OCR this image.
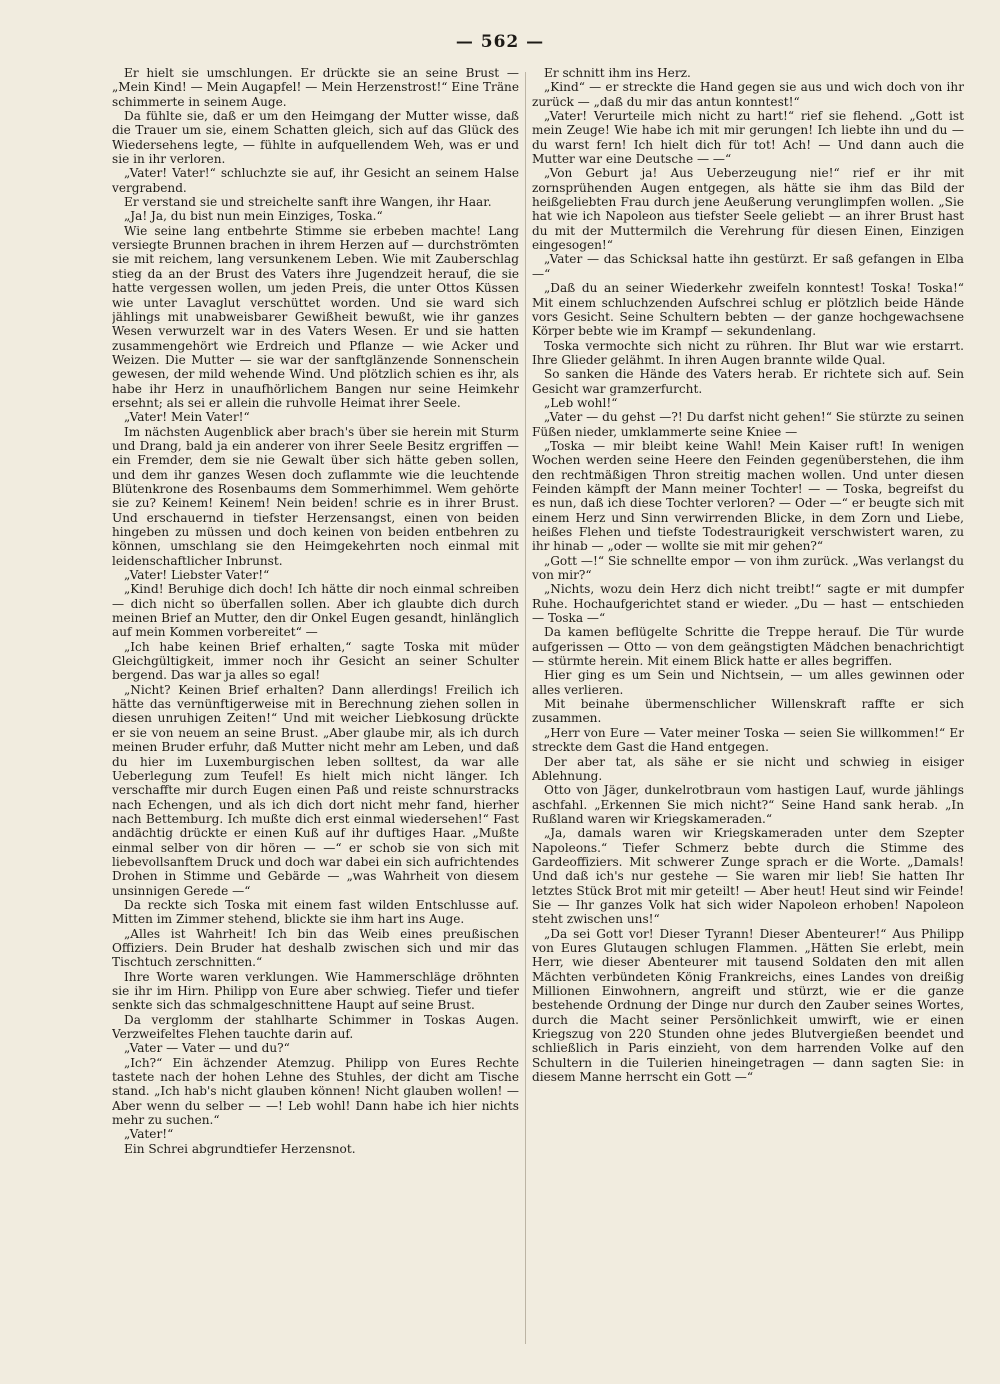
— 562 —

Er hielt sie umschlungen. Er drückte sie an seine Brust — „Mein Kind! — Mein Augapfel! — Mein Herzenstrost!“ Eine Träne schimmerte in seinem Auge.

Da fühlte sie, daß er um den Heimgang der Mutter wisse, daß die Trauer um sie, einem Schatten gleich, sich auf das Glück des Wiedersehens legte, — fühlte in aufquellendem Weh, was er und sie in ihr verloren.

„Vater! Vater!“ schluchzte sie auf, ihr Gesicht an seinem Halse vergrabend.

Er verstand sie und streichelte sanft ihre Wangen, ihr Haar.

„Ja! Ja, du bist nun mein Einziges, Toska.“

Wie seine lang entbehrte Stimme sie erbeben machte! Lang versiegte Brunnen brachen in ihrem Herzen auf — durchströmten sie mit reichem, lang versunkenem Leben. Wie mit Zauberschlag stieg da an der Brust des Vaters ihre Jugendzeit herauf, die sie hatte vergessen wollen, um jeden Preis, die unter Ottos Küssen wie unter Lavaglut verschüttet worden. Und sie ward sich jählings mit unabweisbarer Gewißheit bewußt, wie ihr ganzes Wesen verwurzelt war in des Vaters Wesen. Er und sie hatten zusammengehört wie Erdreich und Pflanze — wie Acker und Weizen. Die Mutter — sie war der sanftglänzende Sonnenschein gewesen, der mild wehende Wind. Und plötzlich schien es ihr, als habe ihr Herz in unaufhörlichem Bangen nur seine Heimkehr ersehnt; als sei er allein die ruhvolle Heimat ihrer Seele.

„Vater! Mein Vater!“

Im nächsten Augenblick aber brach's über sie herein mit Sturm und Drang, bald ja ein anderer von ihrer Seele Besitz ergriffen — ein Fremder, dem sie nie Gewalt über sich hätte geben sollen, und dem ihr ganzes Wesen doch zuflammte wie die leuchtende Blütenkrone des Rosenbaums dem Sommerhimmel. Wem gehörte sie zu? Keinem! Keinem! Nein beiden! schrie es in ihrer Brust. Und erschauernd in tiefster Herzensangst, einen von beiden hingeben zu müssen und doch keinen von beiden entbehren zu können, umschlang sie den Heimgekehrten noch einmal mit leidenschaftlicher Inbrunst.

„Vater! Liebster Vater!“

„Kind! Beruhige dich doch! Ich hätte dir noch einmal schreiben — dich nicht so überfallen sollen. Aber ich glaubte dich durch meinen Brief an Mutter, den dir Onkel Eugen gesandt, hinlänglich auf mein Kommen vorbereitet“ —

„Ich habe keinen Brief erhalten,“ sagte Toska mit müder Gleichgültigkeit, immer noch ihr Gesicht an seiner Schulter bergend. Das war ja alles so egal!

„Nicht? Keinen Brief erhalten? Dann allerdings! Freilich ich hätte das vernünftigerweise mit in Berechnung ziehen sollen in diesen unruhigen Zeiten!“ Und mit weicher Liebkosung drückte er sie von neuem an seine Brust. „Aber glaube mir, als ich durch meinen Bruder erfuhr, daß Mutter nicht mehr am Leben, und daß du hier im Luxemburgischen leben solltest, da war alle Ueberlegung zum Teufel! Es hielt mich nicht länger. Ich verschaffte mir durch Eugen einen Paß und reiste schnurstracks nach Echengen, und als ich dich dort nicht mehr fand, hierher nach Bettemburg. Ich mußte dich erst einmal wiedersehen!“ Fast andächtig drückte er einen Kuß auf ihr duftiges Haar. „Mußte einmal selber von dir hören — —“ er schob sie von sich mit liebevollsanftem Druck und doch war dabei ein sich aufrichtendes Drohen in Stimme und Gebärde — „was Wahrheit von diesem unsinnigen Gerede —“

Da reckte sich Toska mit einem fast wilden Entschlusse auf. Mitten im Zimmer stehend, blickte sie ihm hart ins Auge.

„Alles ist Wahrheit! Ich bin das Weib eines preußischen Offiziers. Dein Bruder hat deshalb zwischen sich und mir das Tischtuch zerschnitten.“

Ihre Worte waren verklungen. Wie Hammerschläge dröhnten sie ihr im Hirn. Philipp von Eure aber schwieg. Tiefer und tiefer senkte sich das schmalgeschnittene Haupt auf seine Brust.

Da verglomm der stahlharte Schimmer in Toskas Augen. Verzweifeltes Flehen tauchte darin auf.

„Vater — Vater — und du?“

„Ich?“ Ein ächzender Atemzug. Philipp von Eures Rechte tastete nach der hohen Lehne des Stuhles, der dicht am Tische stand. „Ich hab's nicht glauben können! Nicht glauben wollen! — Aber wenn du selber — —! Leb wohl! Dann habe ich hier nichts mehr zu suchen.“

„Vater!“

Ein Schrei abgrundtiefer Herzensnot.

Er schnitt ihm ins Herz.

„Kind“ — er streckte die Hand gegen sie aus und wich doch von ihr zurück — „daß du mir das antun konntest!“

„Vater! Verurteile mich nicht zu hart!“ rief sie flehend. „Gott ist mein Zeuge! Wie habe ich mit mir gerungen! Ich liebte ihn und du — du warst fern! Ich hielt dich für tot! Ach! — Und dann auch die Mutter war eine Deutsche — —“

„Von Geburt ja! Aus Ueberzeugung nie!“ rief er ihr mit zornsprühenden Augen entgegen, als hätte sie ihm das Bild der heißgeliebten Frau durch jene Aeußerung verunglimpfen wollen. „Sie hat wie ich Napoleon aus tiefster Seele geliebt — an ihrer Brust hast du mit der Muttermilch die Verehrung für diesen Einen, Einzigen eingesogen!“

„Vater — das Schicksal hatte ihn gestürzt. Er saß gefangen in Elba —“

„Daß du an seiner Wiederkehr zweifeln konntest! Toska! Toska!“ Mit einem schluchzenden Aufschrei schlug er plötzlich beide Hände vors Gesicht. Seine Schultern bebten — der ganze hochgewachsene Körper bebte wie im Krampf — sekundenlang.

Toska vermochte sich nicht zu rühren. Ihr Blut war wie erstarrt. Ihre Glieder gelähmt. In ihren Augen brannte wilde Qual.

So sanken die Hände des Vaters herab. Er richtete sich auf. Sein Gesicht war gramzerfurcht.

„Leb wohl!“

„Vater — du gehst —?! Du darfst nicht gehen!“ Sie stürzte zu seinen Füßen nieder, umklammerte seine Kniee —

„Toska — mir bleibt keine Wahl! Mein Kaiser ruft! In wenigen Wochen werden seine Heere den Feinden gegenüberstehen, die ihm den rechtmäßigen Thron streitig machen wollen. Und unter diesen Feinden kämpft der Mann meiner Tochter! — — Toska, begreifst du es nun, daß ich diese Tochter verloren? — Oder —“ er beugte sich mit einem Herz und Sinn verwirrenden Blicke, in dem Zorn und Liebe, heißes Flehen und tiefste Todestraurigkeit verschwistert waren, zu ihr hinab — „oder — wollte sie mit mir gehen?“

„Gott —!“ Sie schnellte empor — von ihm zurück. „Was verlangst du von mir?“

„Nichts, wozu dein Herz dich nicht treibt!“ sagte er mit dumpfer Ruhe. Hochaufgerichtet stand er wieder. „Du — hast — entschieden — Toska —“

Da kamen beflügelte Schritte die Treppe herauf. Die Tür wurde aufgerissen — Otto — von dem geängstigten Mädchen benachrichtigt — stürmte herein. Mit einem Blick hatte er alles begriffen.

Hier ging es um Sein und Nichtsein, — um alles gewinnen oder alles verlieren.

Mit beinahe übermenschlicher Willenskraft raffte er sich zusammen.

„Herr von Eure — Vater meiner Toska — seien Sie willkommen!“ Er streckte dem Gast die Hand entgegen.

Der aber tat, als sähe er sie nicht und schwieg in eisiger Ablehnung.

Otto von Jäger, dunkelrotbraun vom hastigen Lauf, wurde jählings aschfahl. „Erkennen Sie mich nicht?“ Seine Hand sank herab. „In Rußland waren wir Kriegskameraden.“

„Ja, damals waren wir Kriegskameraden unter dem Szepter Napoleons.“ Tiefer Schmerz bebte durch die Stimme des Gardeoffiziers. Mit schwerer Zunge sprach er die Worte. „Damals! Und daß ich's nur gestehe — Sie waren mir lieb! Sie hatten Ihr letztes Stück Brot mit mir geteilt! — Aber heut! Heut sind wir Feinde! Sie — Ihr ganzes Volk hat sich wider Napoleon erhoben! Napoleon steht zwischen uns!“

„Da sei Gott vor! Dieser Tyrann! Dieser Abenteurer!“ Aus Philipp von Eures Glutaugen schlugen Flammen. „Hätten Sie erlebt, mein Herr, wie dieser Abenteurer mit tausend Soldaten den mit allen Mächten verbündeten König Frankreichs, eines Landes von dreißig Millionen Einwohnern, angreift und stürzt, wie er die ganze bestehende Ordnung der Dinge nur durch den Zauber seines Wortes, durch die Macht seiner Persönlichkeit umwirft, wie er einen Kriegszug von 220 Stunden ohne jedes Blutvergießen beendet und schließlich in Paris einzieht, von dem harrenden Volke auf den Schultern in die Tuilerien hineingetragen — dann sagten Sie: in diesem Manne herrscht ein Gott —“
